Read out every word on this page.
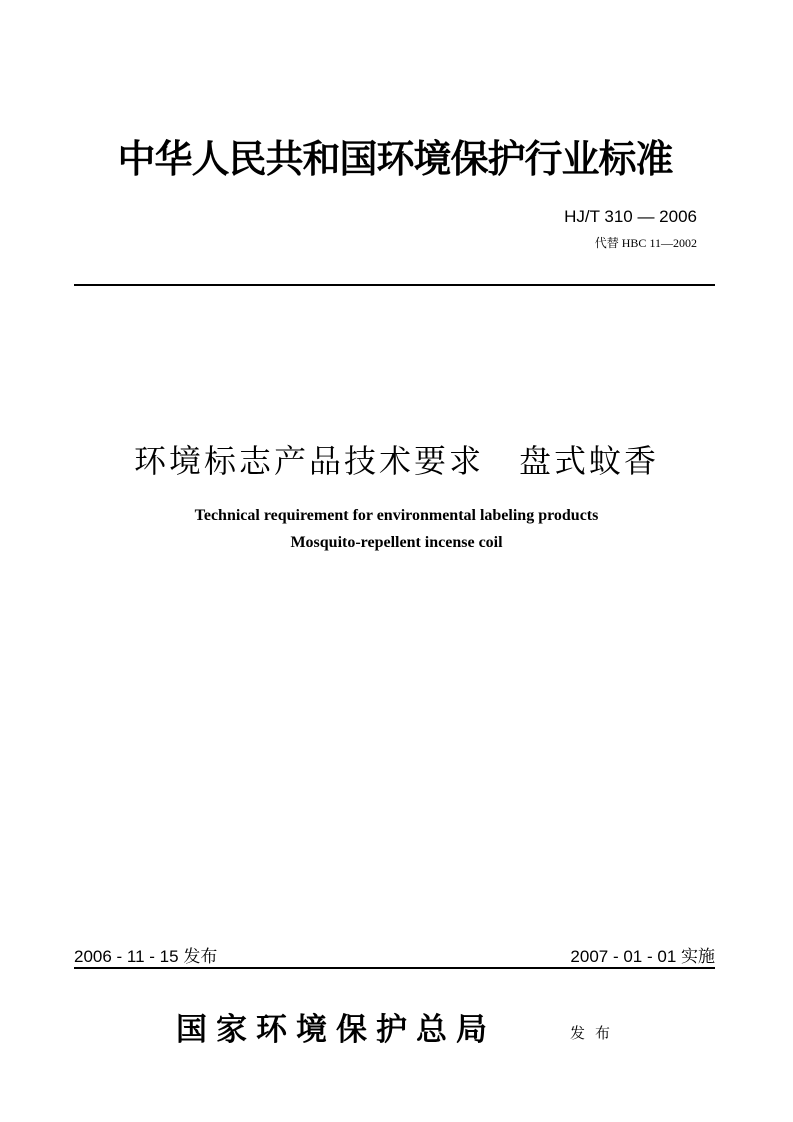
中华人民共和国环境保护行业标准
HJ/T 310 — 2006
代替 HBC 11—2002
环境标志产品技术要求　盘式蚊香
Technical requirement for environmental labeling products
Mosquito-repellent incense coil
2006 - 11 - 15 发布	2007 - 01 - 01 实施
国家环境保护总局	发布
